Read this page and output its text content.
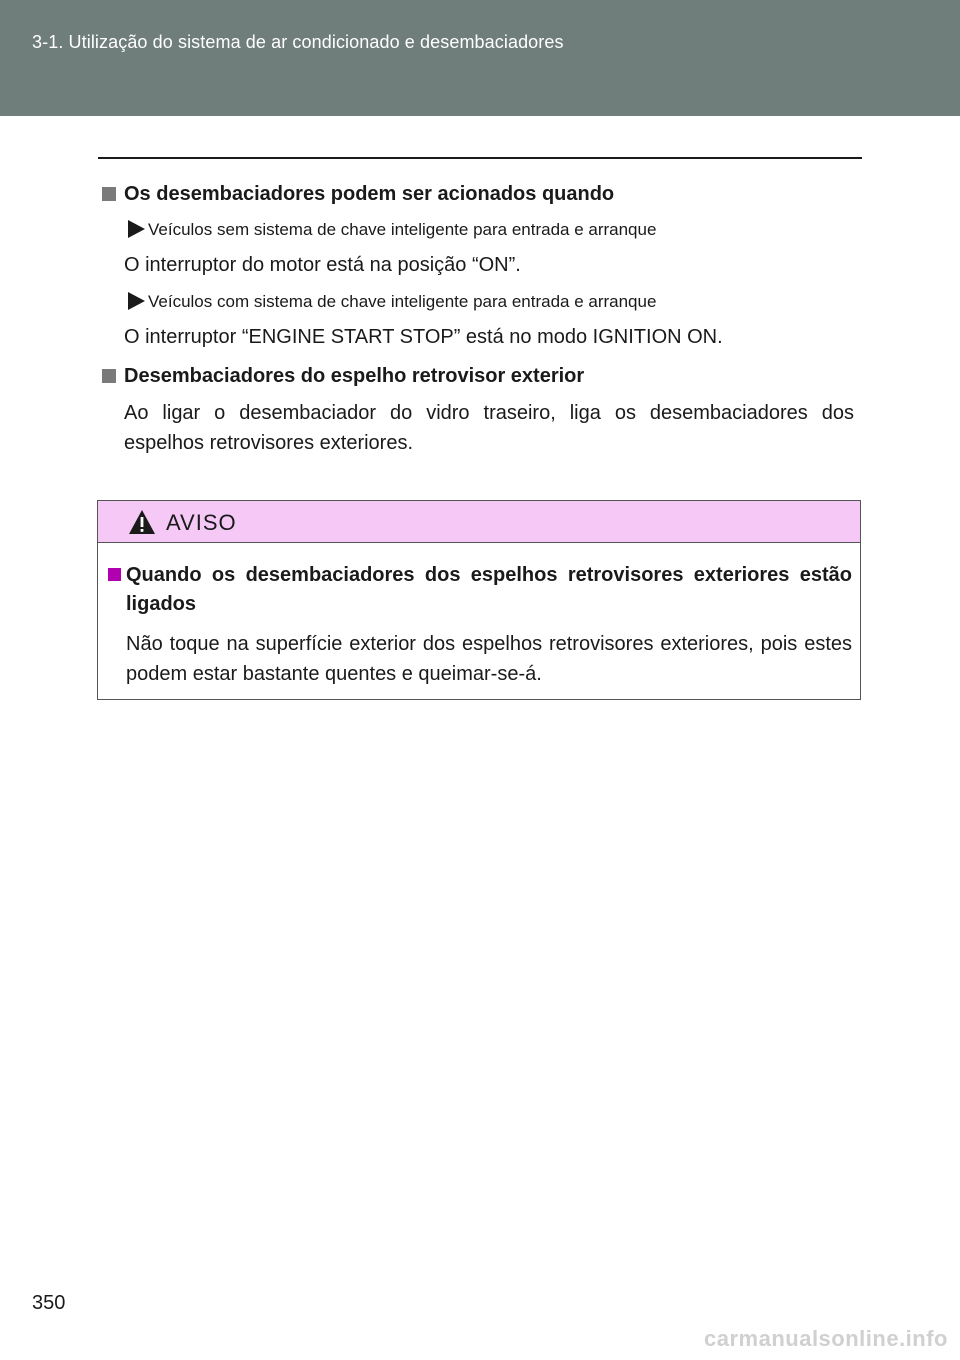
3-1. Utilização do sistema de ar condicionado e desembaciadores
Os desembaciadores podem ser acionados quando
Veículos sem sistema de chave inteligente para entrada e arranque
O interruptor do motor está na posição “ON”.
Veículos com sistema de chave inteligente para entrada e arranque
O interruptor “ENGINE START STOP” está no modo IGNITION ON.
Desembaciadores do espelho retrovisor exterior
Ao ligar o desembaciador do vidro traseiro, liga os desembaciadores dos espelhos retrovisores exteriores.
AVISO
Quando os desembaciadores dos espelhos retrovisores exteriores estão ligados
Não toque na superfície exterior dos espelhos retrovisores exteriores, pois estes podem estar bastante quentes e queimar-se-á.
350
carmanualsonline.info
